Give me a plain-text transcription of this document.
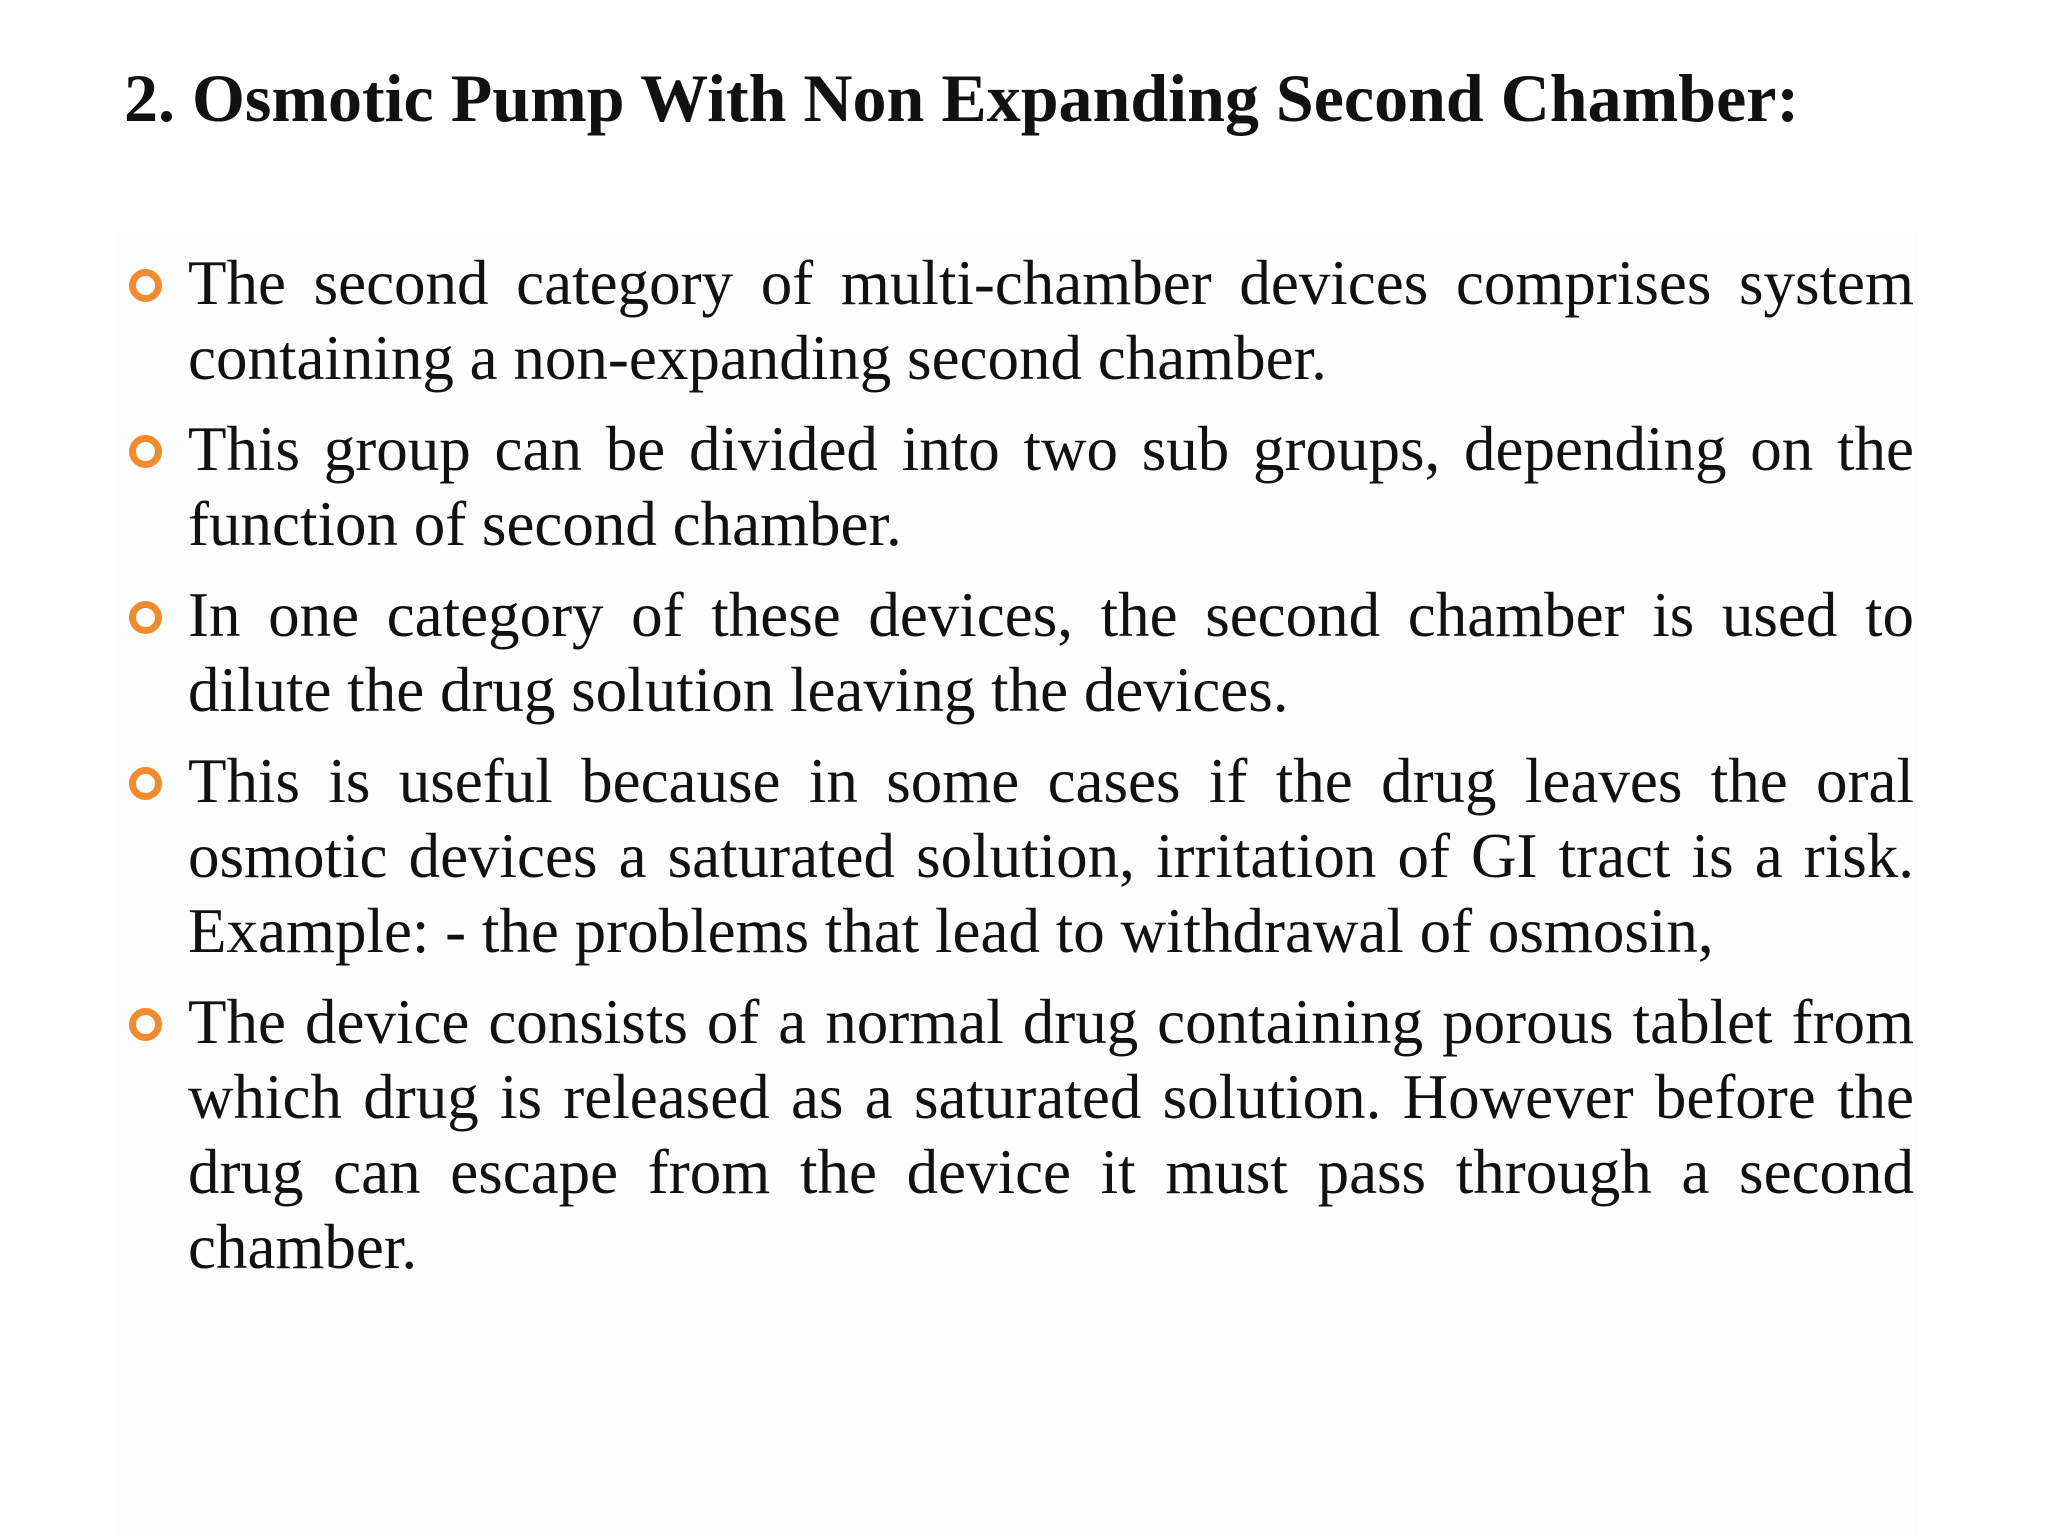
2. Osmotic Pump With Non Expanding Second Chamber:
The second category of multi-chamber devices comprises system containing a non-expanding second chamber.
This group can be divided into two sub groups, depending on the function of second chamber.
In one category of these devices, the second chamber is used to dilute the drug solution leaving the devices.
This is useful because in some cases if the drug leaves the oral osmotic devices a saturated solution, irritation of GI tract is a risk. Example: - the problems that lead to withdrawal of osmosin,
The device consists of a normal drug containing porous tablet from which drug is released as a saturated solution. However before the drug can escape from the device it must pass through a second chamber.
